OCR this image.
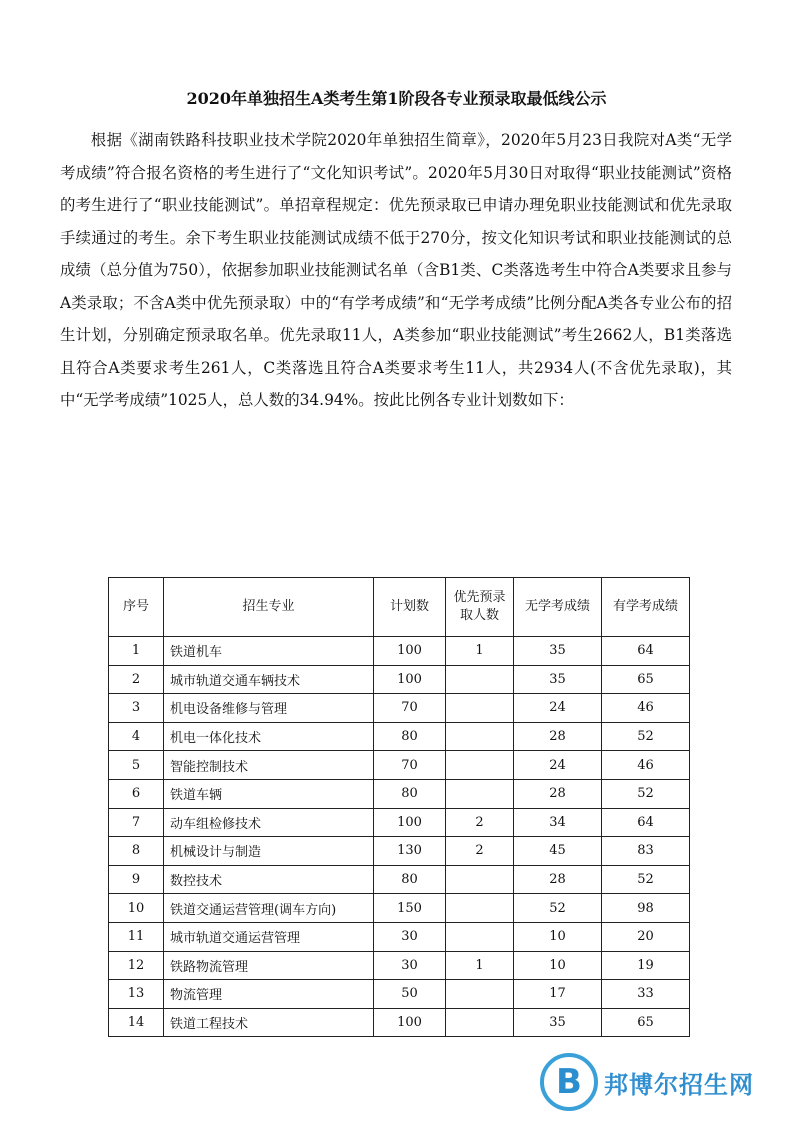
2020年单独招生A类考生第1阶段各专业预录取最低线公示

根据《湖南铁路科技职业技术学院2020年单独招生简章》，2020年5月23日我院对A类“无学考成绩”符合报名资格的考生进行了“文化知识考试”。2020年5月30日对取得“职业技能测试”资格的考生进行了“职业技能测试”。单招章程规定：优先预录取已申请办理免职业技能测试和优先录取手续通过的考生。余下考生职业技能测试成绩不低于270分，按文化知识考试和职业技能测试的总成绩（总分值为750），依据参加职业技能测试名单（含B1类、C类落选考生中符合A类要求且参与A类录取；不含A类中优先预录取）中的“有学考成绩”和“无学考成绩”比例分配A类各专业公布的招生计划，分别确定预录取名单。优先录取11人，A类参加“职业技能测试”考生2662人，B1类落选且符合A类要求考生261人，C类落选且符合A类要求考生11人，共2934人(不含优先录取)，其中“无学考成绩”1025人，总人数的34.94%。按此比例各专业计划数如下：

序号	招生专业	计划数	优先预录取人数	无学考成绩	有学考成绩
1	铁道机车	100	1	35	64
2	城市轨道交通车辆技术	100		35	65
3	机电设备维修与管理	70		24	46
4	机电一体化技术	80		28	52
5	智能控制技术	70		24	46
6	铁道车辆	80		28	52
7	动车组检修技术	100	2	34	64
8	机械设计与制造	130	2	45	83
9	数控技术	80		28	52
10	铁道交通运营管理(调车方向)	150		52	98
11	城市轨道交通运营管理	30		10	20
12	铁路物流管理	30	1	10	19
13	物流管理	50		17	33
14	铁道工程技术	100		35	65
B 邦博尔招生网
